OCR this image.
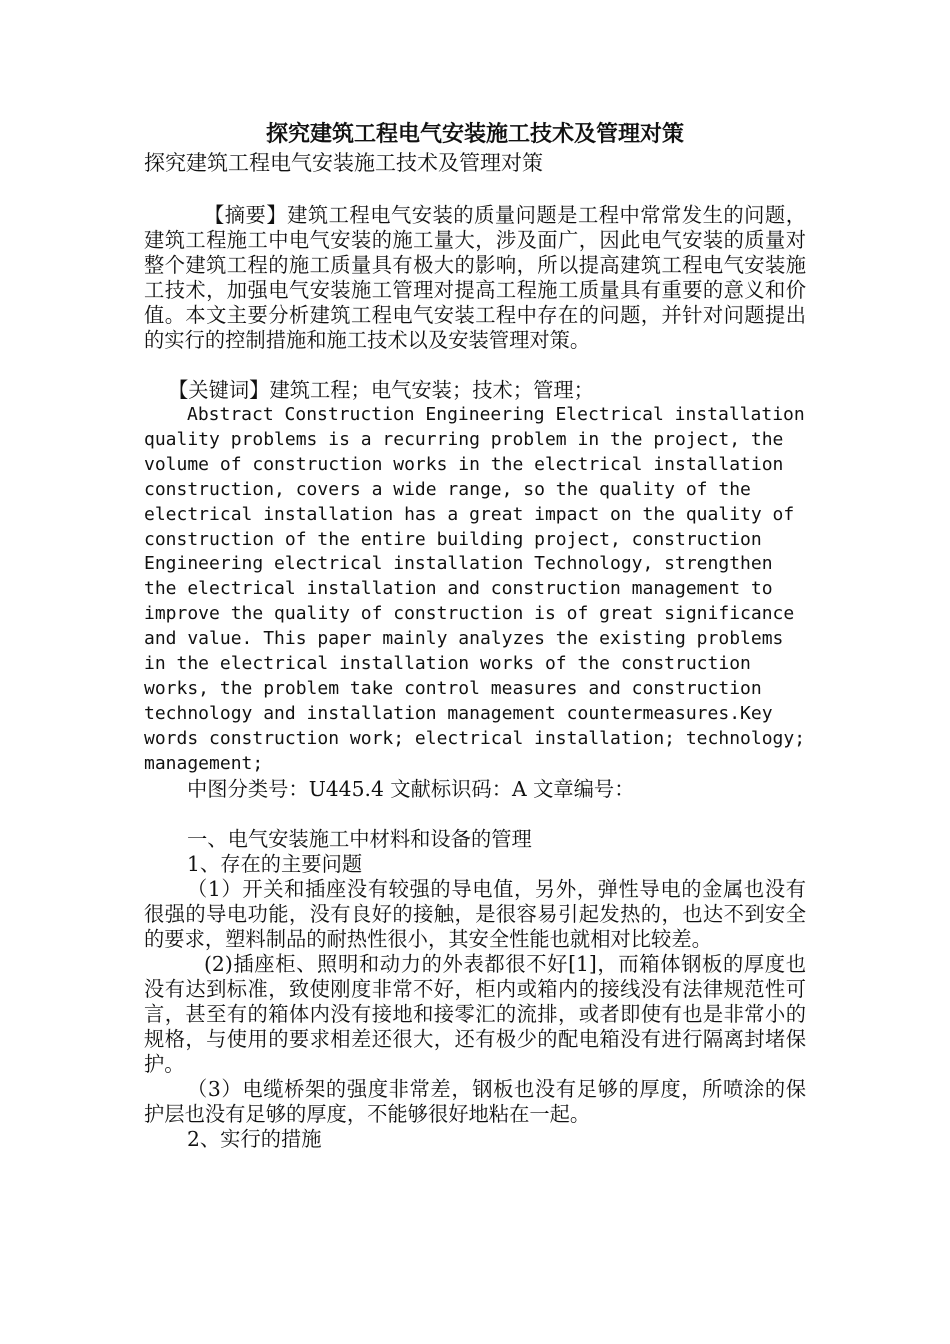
探究建筑工程电气安装施工技术及管理对策

探究建筑工程电气安装施工技术及管理对策

【摘要】建筑工程电气安装的质量问题是工程中常常发生的问题，建筑工程施工中电气安装的施工量大，涉及面广，因此电气安装的质量对整个建筑工程的施工质量具有极大的影响，所以提高建筑工程电气安装施工技术，加强电气安装施工管理对提高工程施工质量具有重要的意义和价值。本文主要分析建筑工程电气安装工程中存在的问题，并针对问题提出的实行的控制措施和施工技术以及安装管理对策。

【关键词】建筑工程；电气安装；技术；管理；

Abstract Construction Engineering Electrical installation quality problems is a recurring problem in the project, the volume of construction works in the electrical installation construction, covers a wide range, so the quality of the electrical installation has a great impact on the quality of construction of the entire building project, construction Engineering electrical installation Technology, strengthen the electrical installation and construction management to improve the quality of construction is of great significance and value. This paper mainly analyzes the existing problems in the electrical installation works of the construction works, the problem take control measures and construction technology and installation management countermeasures.Key words construction work; electrical installation; technology; management;

中图分类号：U445.4 文献标识码：A 文章编号：

一、电气安装施工中材料和设备的管理

1、存在的主要问题

（1）开关和插座没有较强的导电值，另外，弹性导电的金属也没有很强的导电功能，没有良好的接触，是很容易引起发热的，也达不到安全的要求，塑料制品的耐热性很小，其安全性能也就相对比较差。

(2)插座柜、照明和动力的外表都很不好[1]，而箱体钢板的厚度也没有达到标准，致使刚度非常不好，柜内或箱内的接线没有法律规范性可言，甚至有的箱体内没有接地和接零汇的流排，或者即使有也是非常小的规格，与使用的要求相差还很大，还有极少的配电箱没有进行隔离封堵保护。

（3）电缆桥架的强度非常差，钢板也没有足够的厚度，所喷涂的保护层也没有足够的厚度，不能够很好地粘在一起。

2、实行的措施
